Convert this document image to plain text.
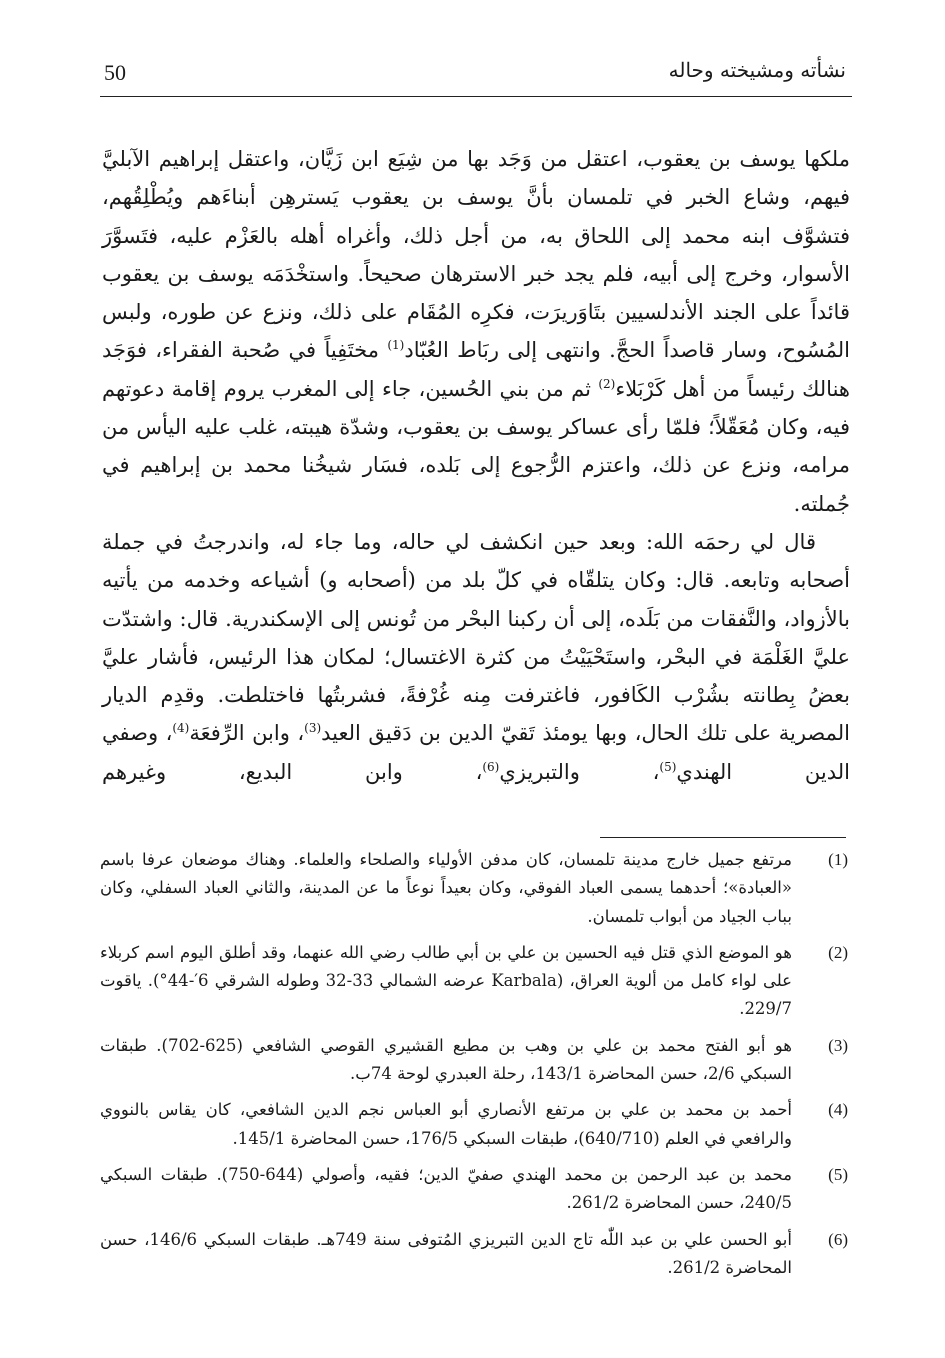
50	نشأته ومشيخته وحاله

ملكها يوسف بن يعقوب، اعتقل من وَجَد بها من شِيَع ابن زَيَّان، واعتقل إبراهيم الآبليَّ فيهم، وشاع الخبر في تلمسان بأنَّ يوسف بن يعقوب يَسترهِن أبناءَهم ويُطْلِقُهم، فتشوَّف ابنه محمد إلى اللحاق به، من أجل ذلك، وأغراه أهله بالعَزْم عليه، فتَسوَّرَ الأسوار، وخرج إلى أبيه، فلم يجد خبر الاسترهان صحيحاً. واستخْدَمَه يوسف بن يعقوب قائداً على الجند الأندلسيين بتَاوَريرَت، فكرِه المُقَام على ذلك، ونزع عن طوره، ولبس المُسُوح، وسار قاصداً الحجَّ. وانتهى إلى ربَاط العُبّاد$^{(1)}$ مختَفِياً في صُحبة الفقراء، فوَجَد هنالك رئيساً من أهل كَرْبَلاء$^{(2)}$ ثم من بني الحُسين، جاء إلى المغرب يروم إقامة دعوتهم فيه، وكان مُعَقّلاً؛ فلمّا رأى عساكر يوسف بن يعقوب، وشدّة هيبته، غلب عليه اليأس من مرامه، ونزع عن ذلك، واعتزم الرُّجوع إلى بَلده، فسَار شيخُنا محمد بن إبراهيم في جُملته.

قال لي رحمَه الله: وبعد حين انكشف لي حاله، وما جاء له، واندرجتُ في جملة أصحابه وتابعه. قال: وكان يتلقّاه في كلّ بلد من (أصحابه و) أشياعه وخدمه من يأتيه بالأزواد، والنَّفقات من بَلَده، إلى أن ركبنا البحْر من تُونس إلى الإسكندرية. قال: واشتدّت عليَّ الغَلْمَة في البحْر، واستَحْيَيْتُ من كثرة الاغتسال؛ لمكان هذا الرئيس، فأشار عليَّ بعضُ بِطانته بشُرْب الكَافور، فاغترفت مِنه غُرْفةً، فشربتُها فاختلطت. وقدِم الديار المصرية على تلك الحال، وبها يومئذ تَقيّ الدين بن دَقيق العيد$^{(3)}$، وابن الرِّفعَة$^{(4)}$، وصفي الدين الهندي$^{(5)}$، والتبريزي$^{(6)}$، وابن البديع، وغيرهم

(1)
مرتفع جميل خارج مدينة تلمسان، كان مدفن الأولياء والصلحاء والعلماء. وهناك موضعان عرفا باسم «العبادة»؛ أحدهما يسمى العباد الفوقي، وكان بعيداً نوعاً ما عن المدينة، والثاني العباد السفلي، وكان بباب الجياد من أبواب تلمسان.
(2)
هو الموضع الذي قتل فيه الحسين بن علي بن أبي طالب رضي الله عنهما، وقد أطلق اليوم اسم كربلاء على لواء كامل من ألوية العراق، (Karbala عرضه الشمالي 33-32 وطوله الشرقي 6′-44°). ياقوت 229/7.
(3)
هو أبو الفتح محمد بن علي بن وهب بن مطيع القشيري القوصي الشافعي (625-702). طبقات السبكي 2/6، حسن المحاضرة 143/1، رحلة العبدري لوحة 74ب.
(4)
أحمد بن محمد بن علي بن مرتفع الأنصاري أبو العباس نجم الدين الشافعي، كان يقاس بالنووي والرافعي في العلم (640/710)، طبقات السبكي 176/5، حسن المحاضرة 145/1.
(5)
محمد بن عبد الرحمن بن محمد الهندي صفيّ الدين؛ فقيه، وأصولي (644-750). طبقات السبكي 240/5، حسن المحاضرة 261/2.
(6)
أبو الحسن علي بن عبد اللّٰه تاج الدين التبريزي المُتوفى سنة 749هـ. طبقات السبكي 146/6، حسن المحاضرة 261/2.
